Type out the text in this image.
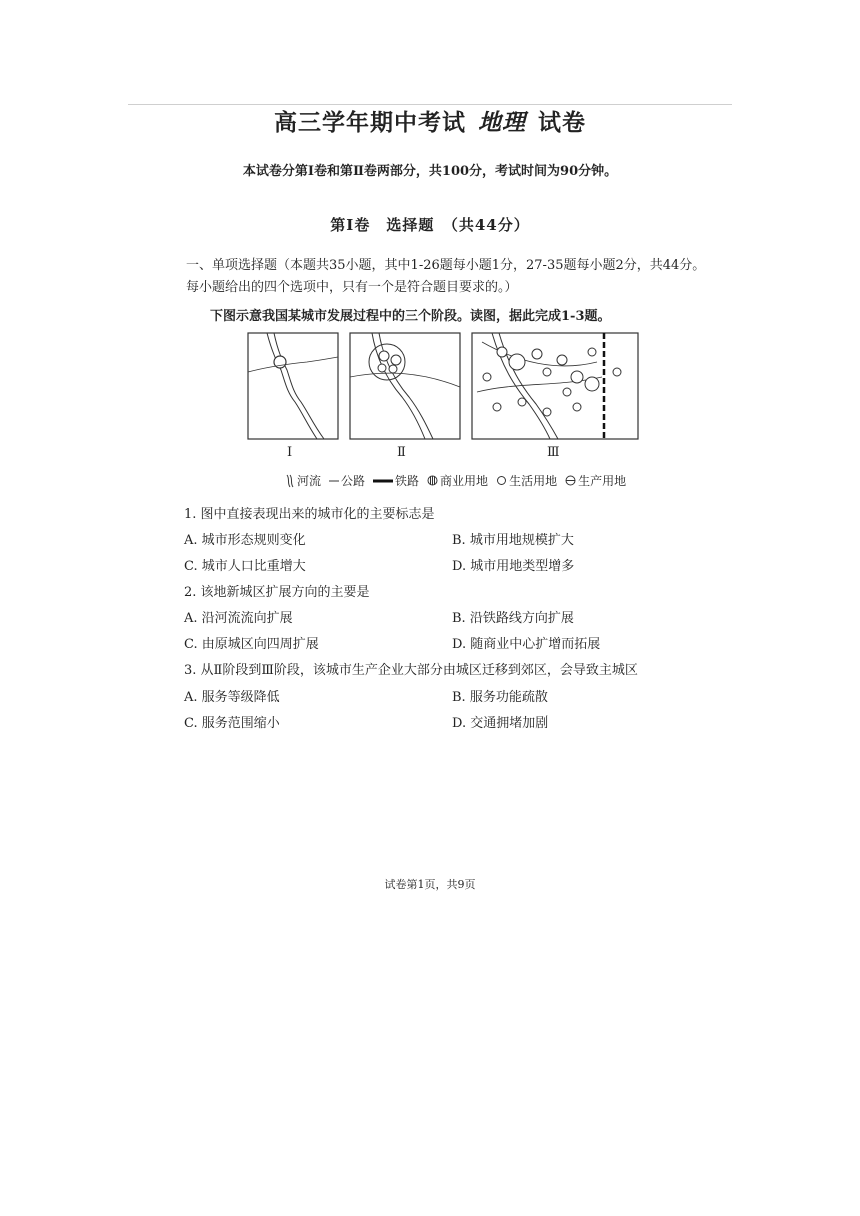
高三学年期中考试 地理 试卷
本试卷分第Ⅰ卷和第Ⅱ卷两部分，共100分，考试时间为90分钟。
第Ⅰ卷　选择题　（共44分）
一、单项选择题（本题共35小题，其中1-26题每小题1分，27-35题每小题2分，共44分。每小题给出的四个选项中，只有一个是符合题目要求的。）
下图示意我国某城市发展过程中的三个阶段。读图，据此完成1-3题。
Ⅰ	Ⅱ	Ⅲ
河流 公路	铁路 商业用地 生活用地 生产用地
1. 图中直接表现出来的城市化的主要标志是
A. 城市形态规则变化	B. 城市用地规模扩大
C. 城市人口比重增大	D. 城市用地类型增多
2. 该地新城区扩展方向的主要是
A. 沿河流流向扩展	B. 沿铁路线方向扩展
C. 由原城区向四周扩展	D. 随商业中心扩增而拓展
3. 从Ⅱ阶段到Ⅲ阶段，该城市生产企业大部分由城区迁移到郊区，会导致主城区
A. 服务等级降低	B. 服务功能疏散
C. 服务范围缩小	D. 交通拥堵加剧
试卷第1页，共9页
